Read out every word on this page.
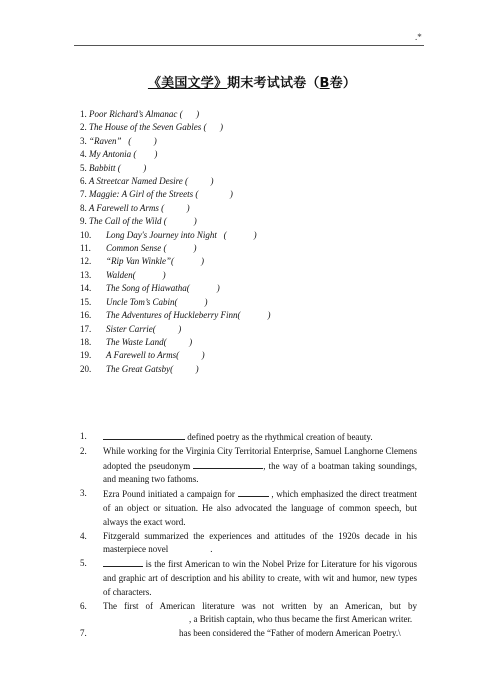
.*
《美国文学》期末考试试卷（B卷）
1. Poor Richard’s Almanac (      )
2. The House of the Seven Gables (      )
3. “Raven”   (          )
4. My Antonia (        )
5. Babbitt (          )
6. A Streetcar Named Desire (          )
7. Maggie: A Girl of the Streets (              )
8. A Farewell to Arms (          )
9. The Call of the Wild (            )
10. Long Day's Journey into Night   (            )
11. Common Sense (            )
12. “Rip Van Winkle”(            )
13. Walden(            )
14. The Song of Hiawatha(            )
15. Uncle Tom’s Cabin(            )
16. The Adventures of Huckleberry Finn(            )
17. Sister Carrie(          )
18. The Waste Land(          )
19. A Farewell to Arms(          )
20. The Great Gatsby(          )
1.	defined poetry as the rhythmical creation of beauty.
2. While working for the Virginia City Territorial Enterprise, Samuel Langhorne Clemens adopted the pseudonym	, the way of a boatman taking soundings, and meaning two fathoms.
3. Ezra Pound initiated a campaign for	, which emphasized the direct treatment of an object or situation. He also advocated the language of common speech, but always the exact word.
4. Fitzgerald summarized the experiences and attitudes of the 1920s decade in his masterpiece novel	.
5.	is the first American to win the Nobel Prize for Literature for his vigorous and graphic art of description and his ability to create, with wit and humor, new types of characters.
6. The first of American literature was not written by an American, but by, a British captain, who thus became the first American writer.
7.	has been considered the “Father of modern American Poetry.\
